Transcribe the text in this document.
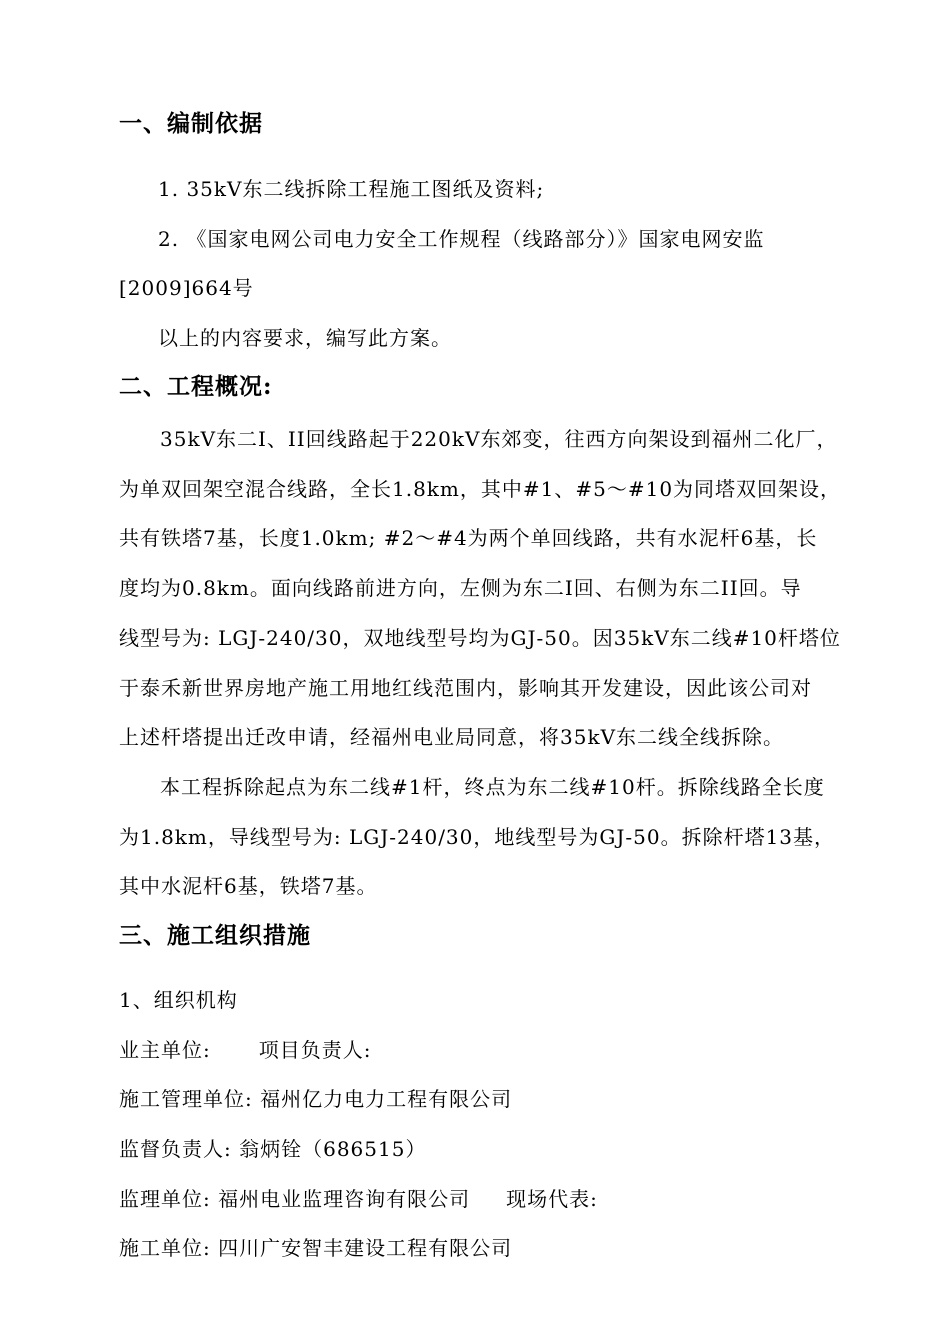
一、编制依据
1. 35kV东二线拆除工程施工图纸及资料;
2. 《国家电网公司电力安全工作规程（线路部分）》国家电网安监
[2009]664号
以上的内容要求，编写此方案。
二、工程概况:
35kV东二Ⅰ、II回线路起于220kV东郊变，往西方向架设到福州二化厂，
为单双回架空混合线路，全长1.8km，其中#1、#5～#10为同塔双回架设，
共有铁塔7基，长度1.0km; #2～#4为两个单回线路，共有水泥杆6基，长
度均为0.8km。面向线路前进方向，左侧为东二Ⅰ回、右侧为东二II回。导
线型号为: LGJ-240/30，双地线型号均为GJ-50。因35kV东二线#10杆塔位
于泰禾新世界房地产施工用地红线范围内，影响其开发建设，因此该公司对
上述杆塔提出迁改申请，经福州电业局同意，将35kV东二线全线拆除。
本工程拆除起点为东二线#1杆，终点为东二线#10杆。拆除线路全长度
为1.8km，导线型号为: LGJ-240/30，地线型号为GJ-50。拆除杆塔13基，
其中水泥杆6基，铁塔7基。
三、施工组织措施
1、组织机构
业主单位: 项目负责人:
施工管理单位: 福州亿力电力工程有限公司
监督负责人: 翁炳铨（686515）
监理单位: 福州电业监理咨询有限公司 现场代表:
施工单位: 四川广安智丰建设工程有限公司
